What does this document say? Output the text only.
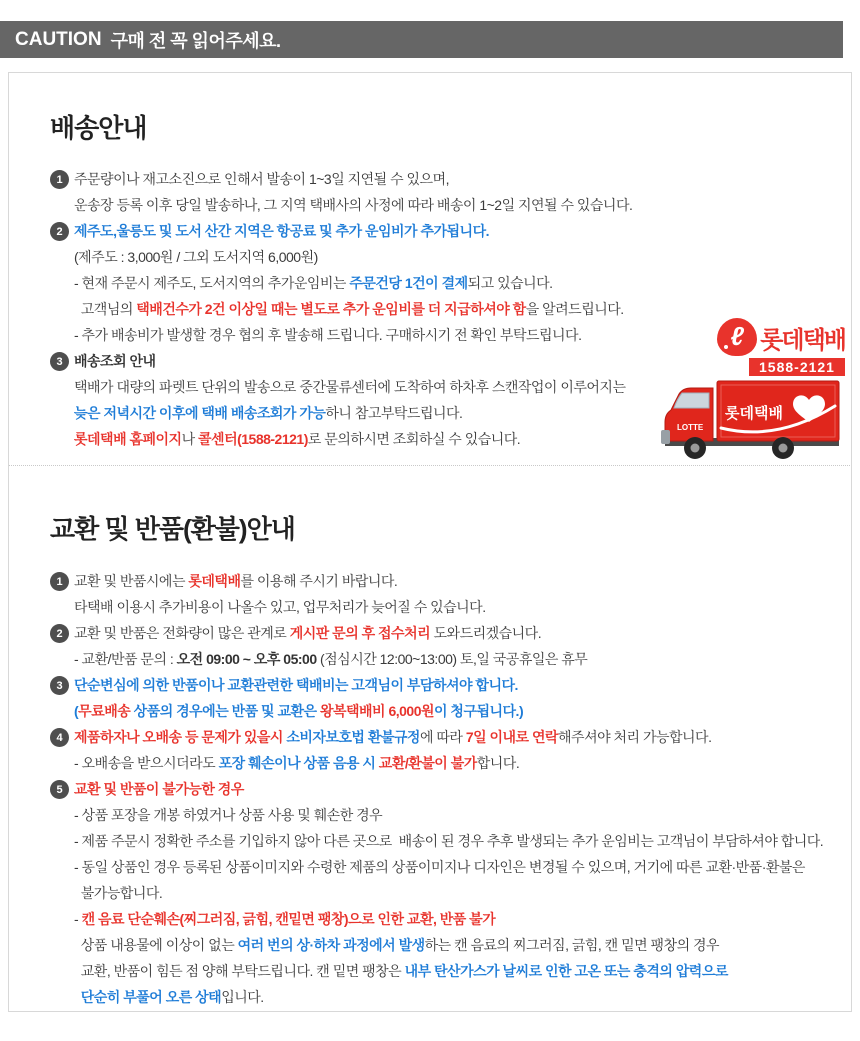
CAUTION 구매 전 꼭 읽어주세요.
배송안내
1 주문량이나 재고소진으로 인해서 발송이 1~3일 지연될 수 있으며,
운송장 등록 이후 당일 발송하나, 그 지역 택배사의 사정에 따라 배송이 1~2일 지연될 수 있습니다.
2 제주도,울릉도 및 도서 산간 지역은 항공료 및 추가 운임비가 추가됩니다.
(제주도 : 3,000원 / 그외 도서지역 6,000원)
- 현재 주문시 제주도, 도서지역의 추가운임비는 주문건당 1건이 결제되고 있습니다.
고객님의 택배건수가 2건 이상일 때는 별도로 추가 운임비를 더 지급하셔야 함을 알려드립니다.
- 추가 배송비가 발생할 경우 협의 후 발송해 드립니다. 구매하시기 전 확인 부탁드립니다.
3 배송조회 안내
택배가 대량의 파렛트 단위의 발송으로 중간물류센터에 도착하여 하차후 스캔작업이 이루어지는
늦은 저녁시간 이후에 택배 배송조회가 가능하니 참고부탁드립니다.
롯데택배 홈페이지나 콜센터(1588-2121)로 문의하시면 조회하실 수 있습니다.
ℓ 롯데택배
1588-2121
롯데택배
LOTTE
교환 및 반품(환불)안내
1 교환 및 반품시에는 롯데택배를 이용해 주시기 바랍니다.
타택배 이용시 추가비용이 나올수 있고, 업무처리가 늦어질 수 있습니다.
2 교환 및 반품은 전화량이 많은 관계로 게시판 문의 후 접수처리 도와드리겠습니다.
- 교환/반품 문의 : 오전 09:00 ~ 오후 05:00 (점심시간 12:00~13:00) 토,일 국공휴일은 휴무
3 단순변심에 의한 반품이나 교환관련한 택배비는 고객님이 부담하셔야 합니다.
(무료배송 상품의 경우에는 반품 및 교환은 왕복택배비 6,000원이 청구됩니다.)
4 제품하자나 오배송 등 문제가 있을시 소비자보호법 환불규정에 따라 7일 이내로 연락해주셔야 처리 가능합니다.
- 오배송을 받으시더라도 포장 훼손이나 상품 음용 시 교환/환불이 불가합니다.
5 교환 및 반품이 불가능한 경우
- 상품 포장을 개봉 하였거나 상품 사용 및 훼손한 경우
- 제품 주문시 정확한 주소를 기입하지 않아 다른 곳으로  배송이 된 경우 추후 발생되는 추가 운임비는 고객님이 부담하셔야 합니다.
- 동일 상품인 경우 등록된 상품이미지와 수령한 제품의 상품이미지나 디자인은 변경될 수 있으며, 거기에 따른 교환·반품·환불은
불가능합니다.
- 캔 음료 단순훼손(찌그러짐, 긁힘, 캔밑면 팽창)으로 인한 교환, 반품 불가
상품 내용물에 이상이 없는 여러 번의 상·하차 과정에서 발생하는 캔 음료의 찌그러짐, 긁힘, 캔 밑면 팽창의 경우
교환, 반품이 힘든 점 양해 부탁드립니다. 캔 밑면 팽창은 내부 탄산가스가 날씨로 인한 고온 또는 충격의 압력으로
단순히 부풀어 오른 상태입니다.
